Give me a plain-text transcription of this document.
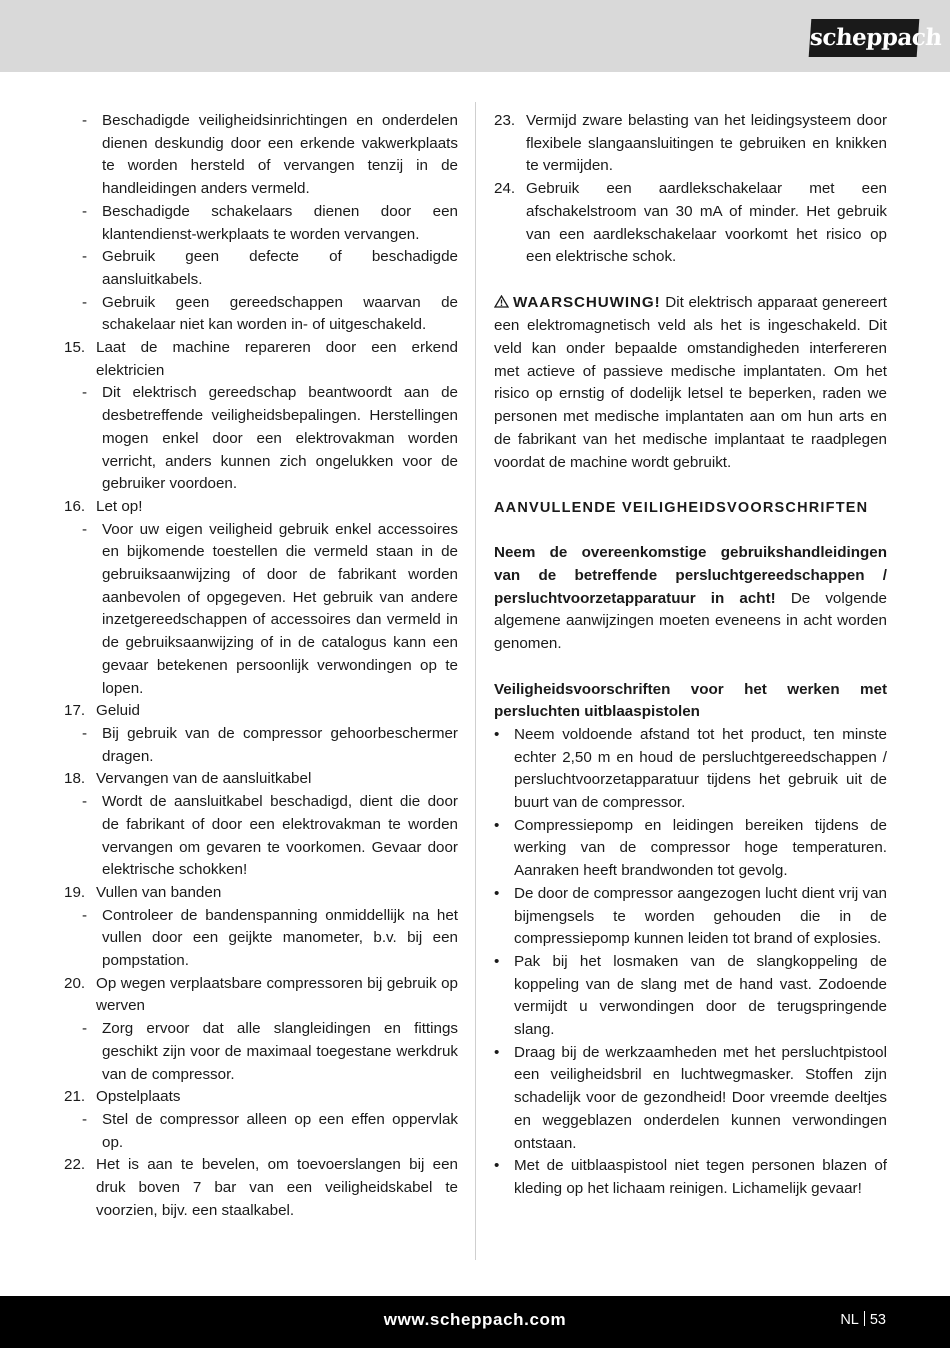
scheppach
- Beschadigde veiligheidsinrichtingen en onderdelen dienen deskundig door een erkende vakwerkplaats te worden hersteld of vervangen tenzij in de handleidingen anders vermeld.
- Beschadigde schakelaars dienen door een klantendienst-werkplaats te worden vervangen.
- Gebruik geen defecte of beschadigde aansluitkabels.
- Gebruik geen gereedschappen waarvan de schakelaar niet kan worden in- of uitgeschakeld.
15. Laat de machine repareren door een erkend elektricien
- Dit elektrisch gereedschap beantwoordt aan de desbetreffende veiligheidsbepalingen. Herstellingen mogen enkel door een elektrovakman worden verricht, anders kunnen zich ongelukken voor de gebruiker voordoen.
16. Let op!
- Voor uw eigen veiligheid gebruik enkel accessoires en bijkomende toestellen die vermeld staan in de gebruiksaanwijzing of door de fabrikant worden aanbevolen of opgegeven. Het gebruik van andere inzetgereedschappen of accessoires dan vermeld in de gebruiksaanwijzing of in de catalogus kann een gevaar betekenen persoonlijk verwondingen op te lopen.
17. Geluid
- Bij gebruik van de compressor gehoorbeschermer dragen.
18. Vervangen van de aansluitkabel
- Wordt de aansluitkabel beschadigd, dient die door de fabrikant of door een elektrovakman te worden vervangen om gevaren te voorkomen. Gevaar door elektrische schokken!
19. Vullen van banden
- Controleer de bandenspanning onmiddellijk na het vullen door een geijkte manometer, b.v. bij een pompstation.
20. Op wegen verplaatsbare compressoren bij gebruik op werven
- Zorg ervoor dat alle slangleidingen en fittings geschikt zijn voor de maximaal toegestane werkdruk van de compressor.
21. Opstelplaats
- Stel de compressor alleen op een effen oppervlak op.
22. Het is aan te bevelen, om toevoerslangen bij een druk boven 7 bar van een veiligheidskabel te voorzien, bijv. een staalkabel.
23. Vermijd zware belasting van het leidingsysteem door flexibele slangaansluitingen te gebruiken en knikken te vermijden.
24. Gebruik een aardlekschakelaar met een afschakelstroom van 30 mA of minder. Het gebruik van een aardlekschakelaar voorkomt het risico op een elektrische schok.

WAARSCHUWING! Dit elektrisch apparaat genereert een elektromagnetisch veld als het is ingeschakeld. Dit veld kan onder bepaalde omstandigheden interfereren met actieve of passieve medische implantaten. Om het risico op ernstig of dodelijk letsel te beperken, raden we personen met medische implantaten aan om hun arts en de fabrikant van het medische implantaat te raadplegen voordat de machine wordt gebruikt.

AANVULLENDE VEILIGHEIDSVOORSCHRIFTEN

Neem de overeenkomstige gebruikshandleidingen van de betreffende persluchtgereedschappen / persluchtvoorzetapparatuur in acht! De volgende algemene aanwijzingen moeten eveneens in acht worden genomen.

Veiligheidsvoorschriften voor het werken met persluchten uitblaaspistolen

• Neem voldoende afstand tot het product, ten minste echter 2,50 m en houd de persluchtgereedschappen / persluchtvoorzetapparatuur tijdens het gebruik uit de buurt van de compressor.
• Compressiepomp en leidingen bereiken tijdens de werking van de compressor hoge temperaturen. Aanraken heeft brandwonden tot gevolg.
• De door de compressor aangezogen lucht dient vrij van bijmengsels te worden gehouden die in de compressiepomp kunnen leiden tot brand of explosies.
• Pak bij het losmaken van de slangkoppeling de koppeling van de slang met de hand vast. Zodoende vermijdt u verwondingen door de terugspringende slang.
• Draag bij de werkzaamheden met het persluchtpistool een veiligheidsbril en luchtwegmasker. Stoffen zijn schadelijk voor de gezondheid! Door vreemde deeltjes en weggeblazen onderdelen kunnen verwondingen ontstaan.
• Met de uitblaaspistool niet tegen personen blazen of kleding op het lichaam reinigen. Lichamelijk gevaar!
www.scheppach.com	NL 53
